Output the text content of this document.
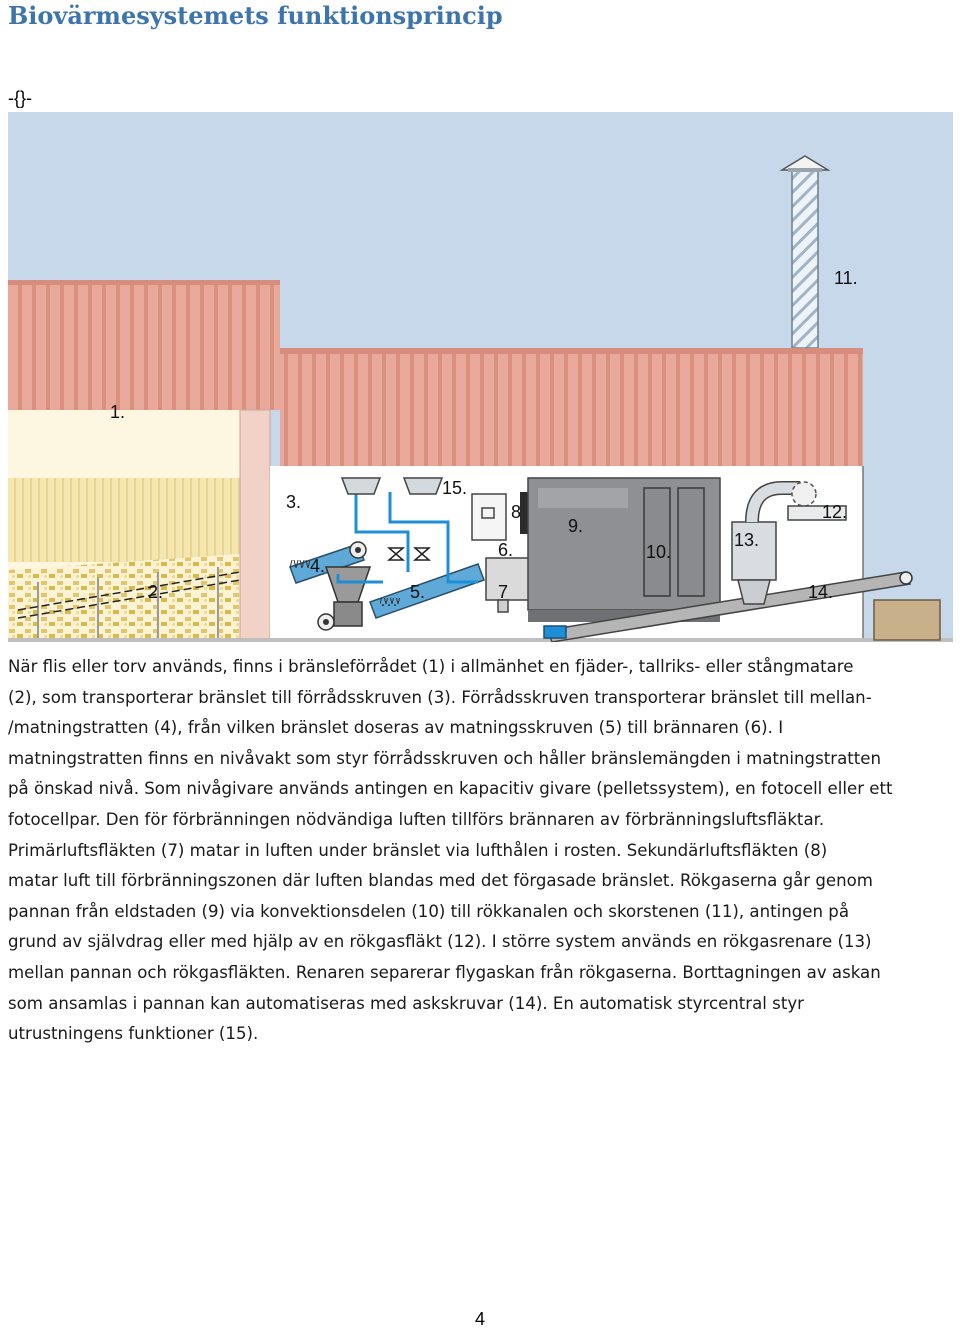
Biovärmesystemets funktionsprincip
-{}-
1.
2.
3.
4.
5.
6.
7
8
9.
10.
11.
12.
13.
14.
15.
När flis eller torv används, finns i bränsleförrådet (1) i allmänhet en fjäder-, tallriks- eller stångmatare
(2), som transporterar bränslet till förrådsskruven (3). Förrådsskruven transporterar bränslet till mellan-
/matningstratten (4), från vilken bränslet doseras av matningsskruven (5) till brännaren (6). I
matningstratten finns en nivåvakt som styr förrådsskruven och håller bränslemängden i matningstratten
på önskad nivå. Som nivågivare används antingen en kapacitiv givare (pelletssystem), en fotocell eller ett
fotocellpar. Den för förbränningen nödvändiga luften tillförs brännaren av förbränningsluftsfläktar.
Primärluftsfläkten (7) matar in luften under bränslet via lufthålen i rosten. Sekundärluftsfläkten (8)
matar luft till förbränningszonen där luften blandas med det förgasade bränslet. Rökgaserna går genom
pannan från eldstaden (9) via konvektionsdelen (10) till rökkanalen och skorstenen (11), antingen på
grund av självdrag eller med hjälp av en rökgasfläkt (12). I större system används en rökgasrenare (13)
mellan pannan och rökgasfläkten. Renaren separerar flygaskan från rökgaserna. Borttagningen av askan
som ansamlas i pannan kan automatiseras med askskruvar (14). En automatisk styrcentral styr
utrustningens funktioner (15).
4
